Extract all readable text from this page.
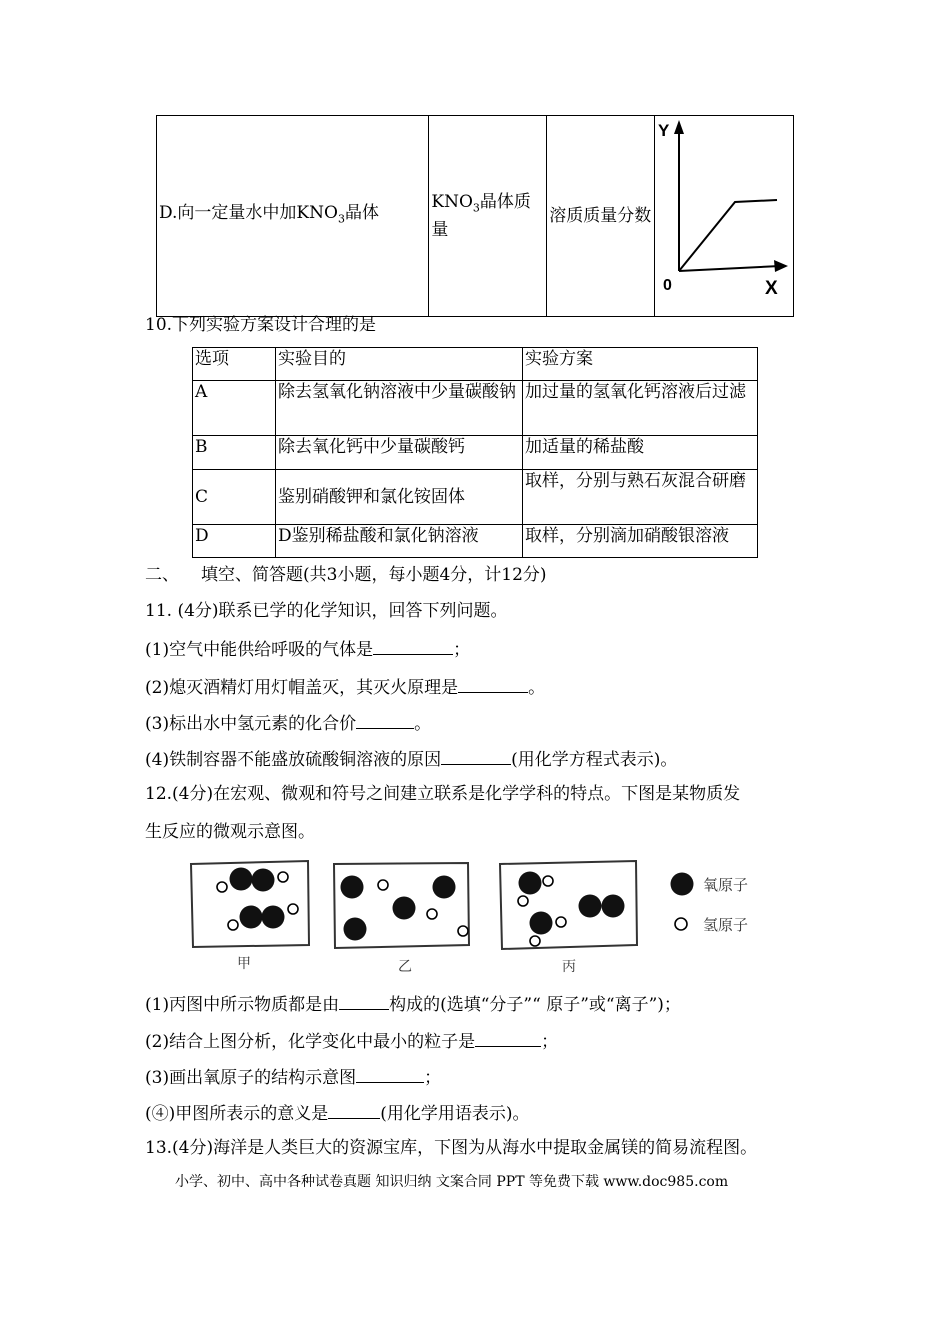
D.向一定量水中加$KNO_3$晶体	$KNO_3$晶体质量	溶质质量分数	
Y
0	X
10.下列实验方案设计合理的是
选项	实验目的	实验方案
A	除去氢氧化钠溶液中少量碳酸钠	加过量的氢氧化钙溶液后过滤
B	除去氧化钙中少量碳酸钙	加适量的稀盐酸
C	鉴别硝酸钾和氯化铵固体	取样，分别与熟石灰混合研磨
D	D鉴别稀盐酸和氯化钠溶液	取样，分别滴加硝酸银溶液
二、 填空、简答题(共3小题，每小题4分，计12分)
11. (4分)联系已学的化学知识，回答下列问题。
(1)空气中能供给呼吸的气体是	；
(2)熄灭酒精灯用灯帽盖灭，其灭火原理是	。
(3)标出水中氢元素的化合价	。
(4)铁制容器不能盛放硫酸铜溶液的原因	(用化学方程式表示)。
12.(4分)在宏观、微观和符号之间建立联系是化学学科的特点。下图是某物质发
生反应的微观示意图。
氧原子
氢原子
甲	乙	丙
(1)丙图中所示物质都是由	构成的(选填“分子”“ 原子”或“离子”)；
(2)结合上图分析，化学变化中最小的粒子是	；
(3)画出氧原子的结构示意图	；
(④)甲图所表示的意义是	(用化学用语表示)。
13.(4分)海洋是人类巨大的资源宝库，下图为从海水中提取金属镁的简易流程图。
小学、初中、高中各种试卷真题 知识归纳 文案合同 PPT 等免费下载 www.doc985.com
